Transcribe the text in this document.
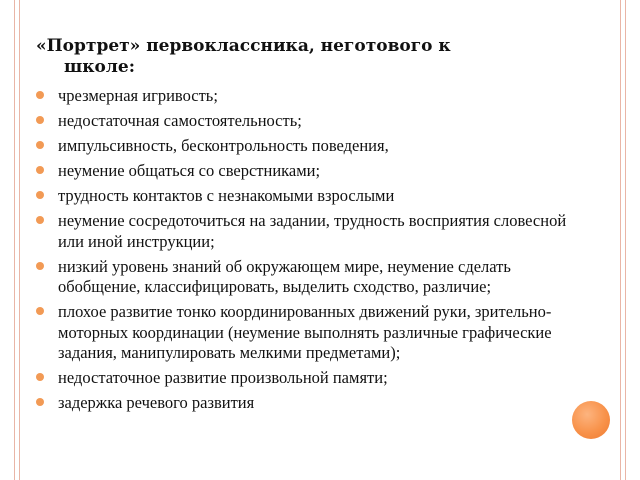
«Портрет» первоклассника, неготового к
школе:
чрезмерная игривость;
недостаточная самостоятельность;
импульсивность, бесконтрольность поведения,
неумение общаться со сверстниками;
трудность контактов с незнакомыми взрослыми
неумение сосредоточиться на задании, трудность восприятия словесной или иной инструкции;
низкий уровень знаний об окружающем мире, неумение сделать обобщение, классифицировать, выделить сходство, различие;
плохое развитие тонко координированных движений руки, зрительно-моторных координации (неумение выполнять различные графические задания, манипулировать мелкими предметами);
недостаточное развитие произвольной памяти;
задержка речевого развития
